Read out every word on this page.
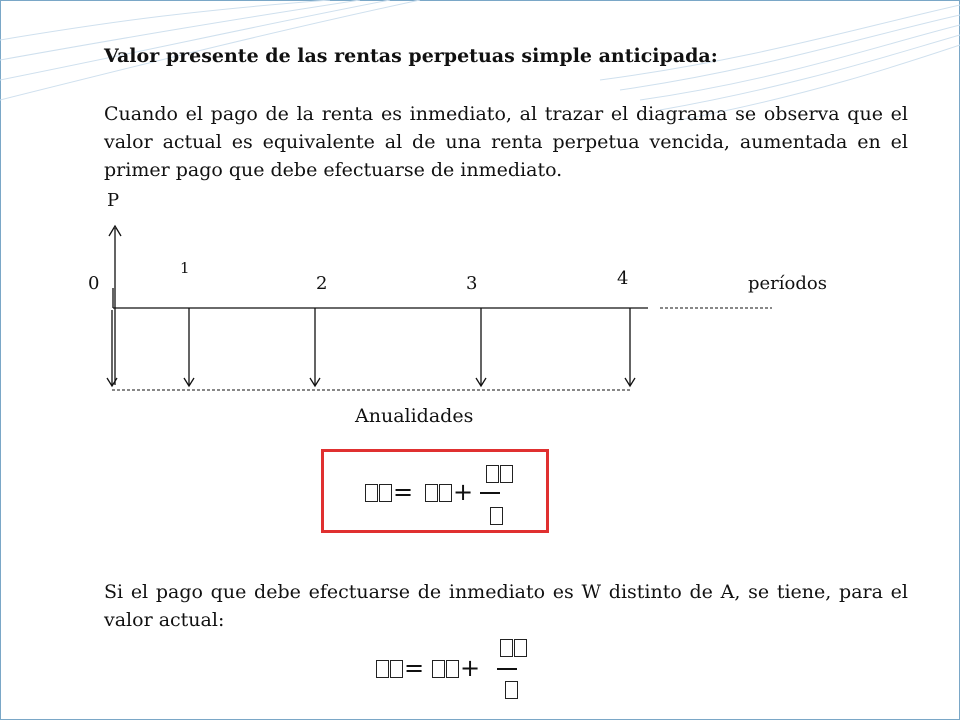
Valor presente de las rentas perpetuas simple anticipada:
Cuando el pago de la renta es inmediato, al trazar el diagrama se observa que el valor actual es equivalente al de una renta perpetua vencida, aumentada en el primer pago que debe efectuarse de inmediato.
P
0
1
2	3	4	períodos
Anualidades
=	+
Si el pago que debe efectuarse de inmediato es W distinto de A, se tiene, para el valor actual:
=	+
